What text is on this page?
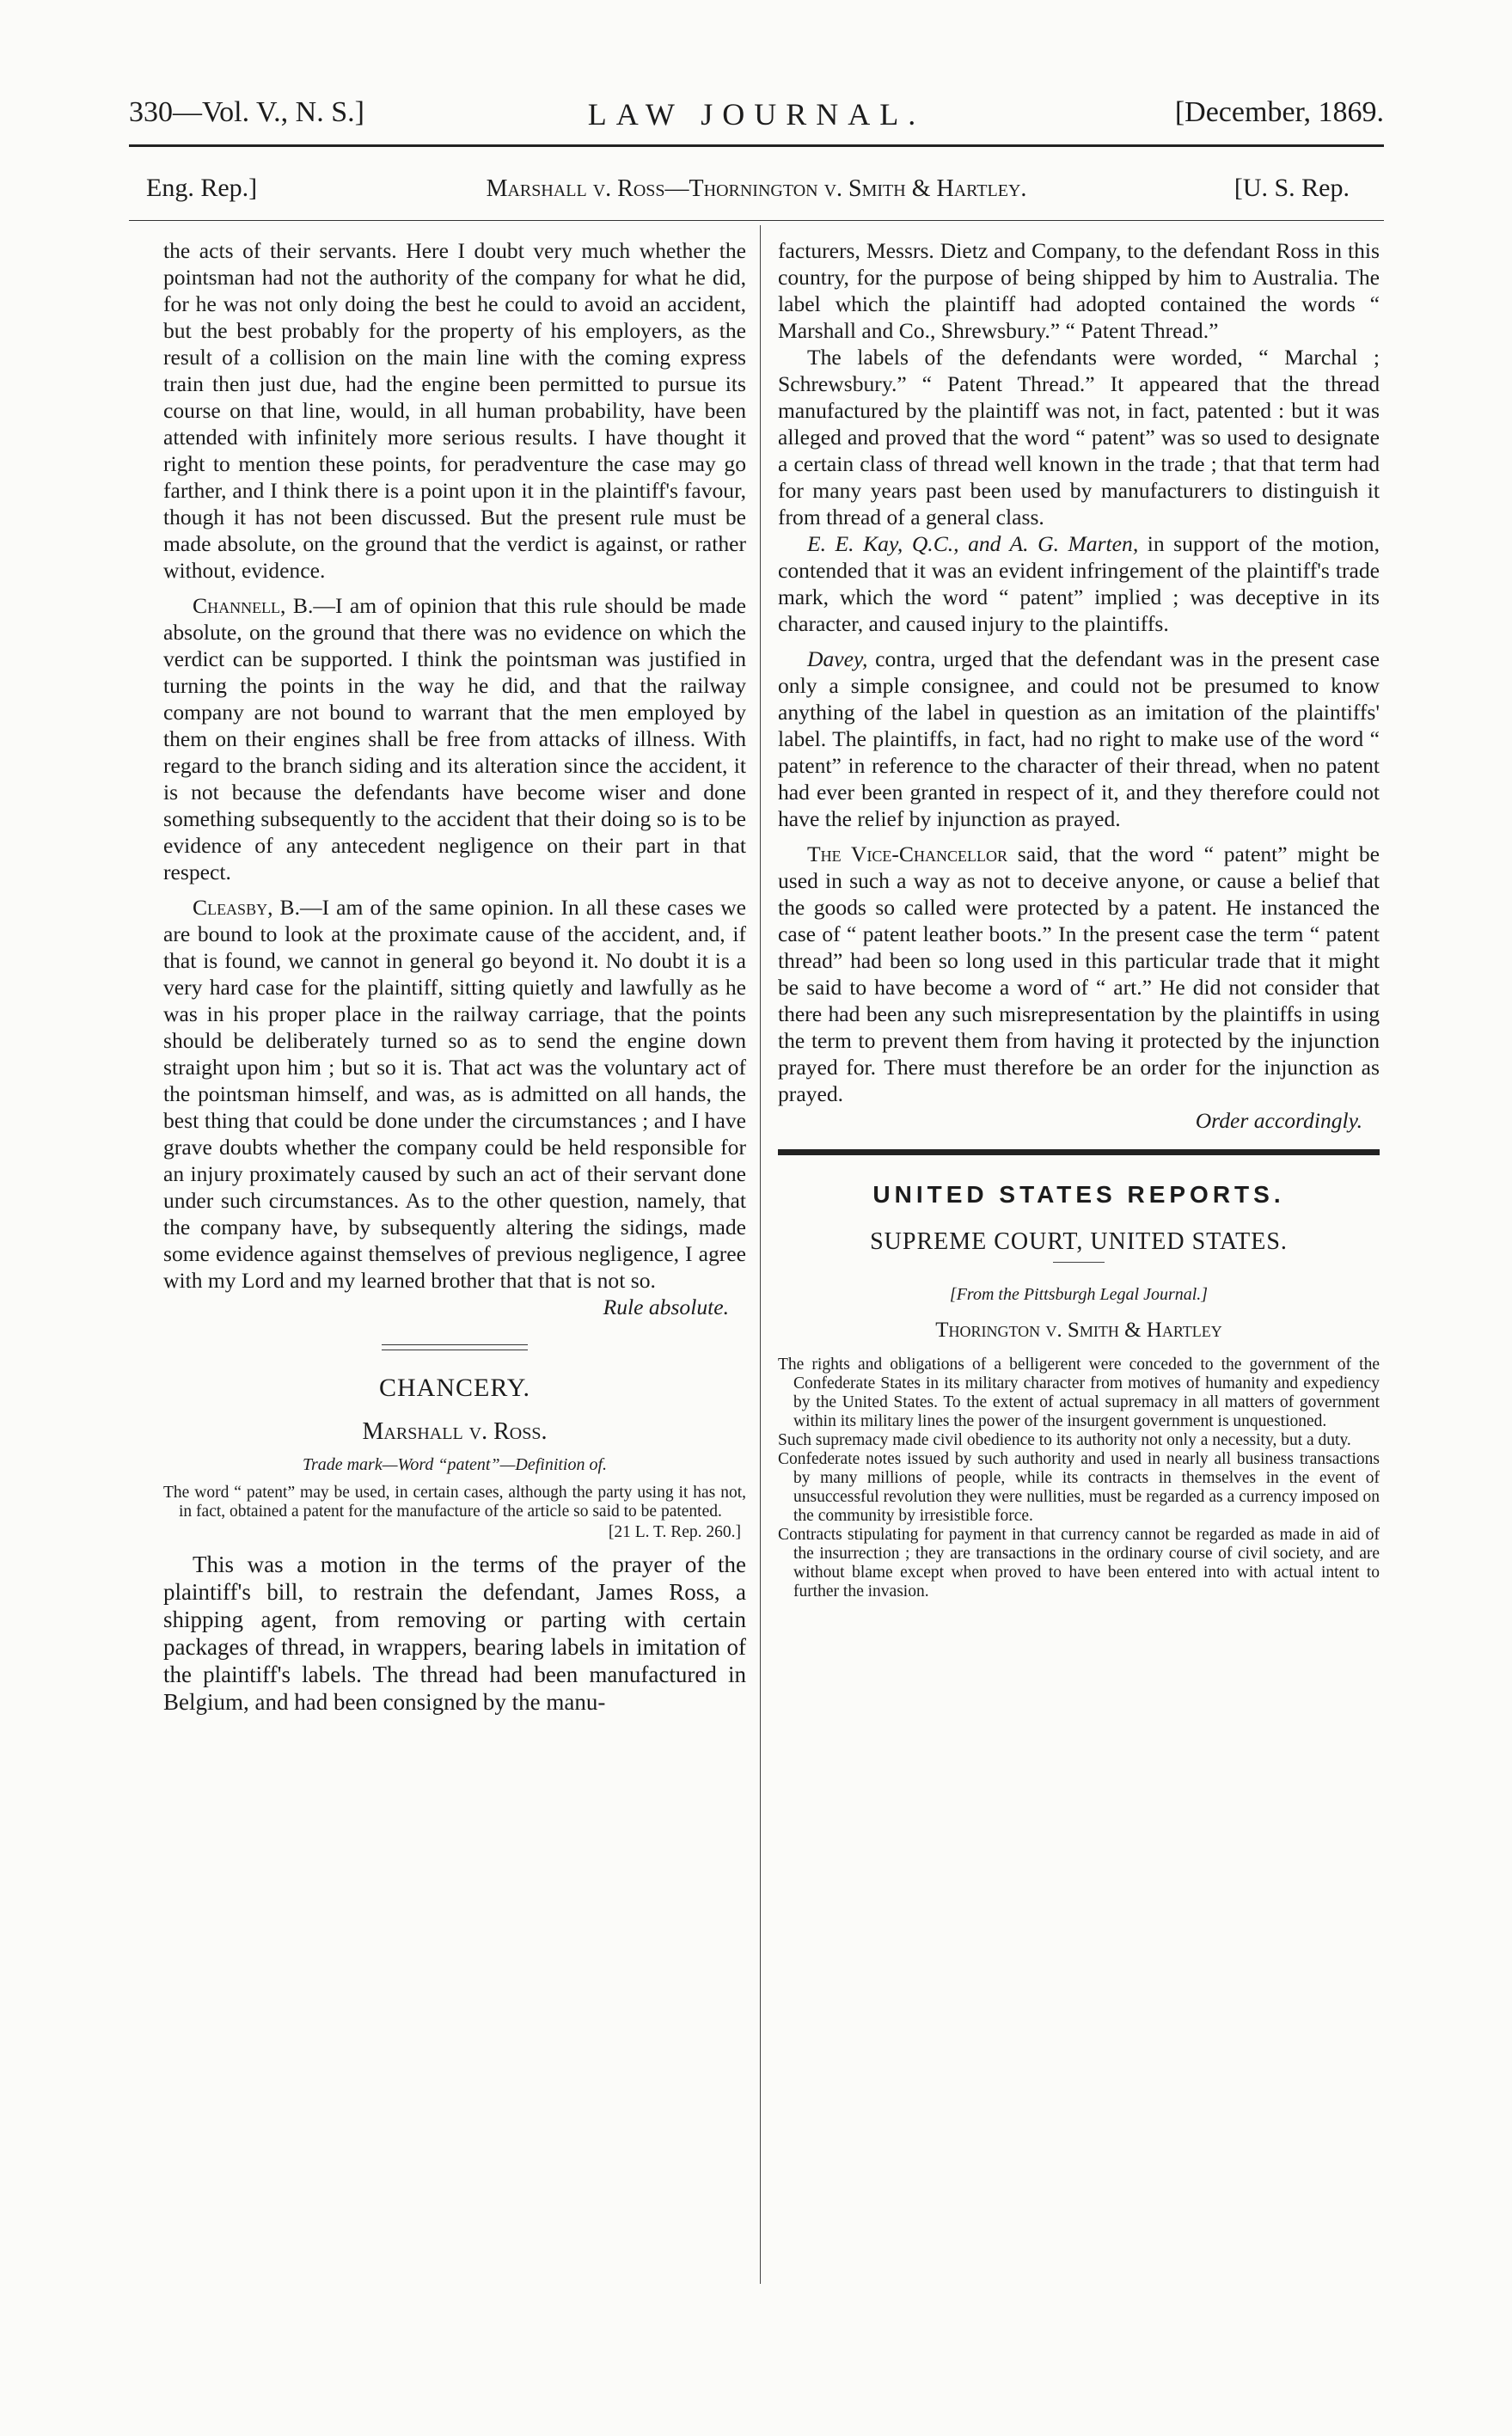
330—Vol. V., N. S.]	LAW JOURNAL.	[December, 1869.
Eng. Rep.]	Marshall v. Ross—Thornington v. Smith & Hartley.	[U. S. Rep.

the acts of their servants. Here I doubt very much whether the pointsman had not the authority of the company for what he did, for he was not only doing the best he could to avoid an accident, but the best probably for the property of his employers, as the result of a collision on the main line with the coming express train then just due, had the engine been permitted to pursue its course on that line, would, in all human probability, have been attended with infinitely more serious results. I have thought it right to mention these points, for peradventure the case may go farther, and I think there is a point upon it in the plaintiff's favour, though it has not been discussed. But the present rule must be made absolute, on the ground that the verdict is against, or rather without, evidence.

Channell, B.—I am of opinion that this rule should be made absolute, on the ground that there was no evidence on which the verdict can be supported. I think the pointsman was justified in turning the points in the way he did, and that the railway company are not bound to warrant that the men employed by them on their engines shall be free from attacks of illness. With regard to the branch siding and its alteration since the accident, it is not because the defendants have become wiser and done something subsequently to the accident that their doing so is to be evidence of any antecedent negligence on their part in that respect.

Cleasby, B.—I am of the same opinion. In all these cases we are bound to look at the proximate cause of the accident, and, if that is found, we cannot in general go beyond it. No doubt it is a very hard case for the plaintiff, sitting quietly and lawfully as he was in his proper place in the railway carriage, that the points should be deliberately turned so as to send the engine down straight upon him ; but so it is. That act was the voluntary act of the pointsman himself, and was, as is admitted on all hands, the best thing that could be done under the circumstances ; and I have grave doubts whether the company could be held responsible for an injury proximately caused by such an act of their servant done under such circumstances. As to the other question, namely, that the company have, by subsequently altering the sidings, made some evidence against themselves of previous negligence, I agree with my Lord and my learned brother that that is not so.

Rule absolute.

CHANCERY.
Marshall v. Ross.
Trade mark—Word “patent”—Definition of.
The word “ patent” may be used, in certain cases, although the party using it has not, in fact, obtained a patent for the manufacture of the article so said to be patented.
[21 L. T. Rep. 260.]

This was a motion in the terms of the prayer of the plaintiff's bill, to restrain the defendant, James Ross, a shipping agent, from removing or parting with certain packages of thread, in wrappers, bearing labels in imitation of the plaintiff's labels. The thread had been manufactured in Belgium, and had been consigned by the manu-

facturers, Messrs. Dietz and Company, to the defendant Ross in this country, for the purpose of being shipped by him to Australia. The label which the plaintiff had adopted contained the words “ Marshall and Co., Shrewsbury.” “ Patent Thread.”

The labels of the defendants were worded, “ Marchal ; Schrewsbury.” “ Patent Thread.” It appeared that the thread manufactured by the plaintiff was not, in fact, patented : but it was alleged and proved that the word “ patent” was so used to designate a certain class of thread well known in the trade ; that that term had for many years past been used by manufacturers to distinguish it from thread of a general class.

E. E. Kay, Q.C., and A. G. Marten, in support of the motion, contended that it was an evident infringement of the plaintiff's trade mark, which the word “ patent” implied ; was deceptive in its character, and caused injury to the plaintiffs.

Davey, contra, urged that the defendant was in the present case only a simple consignee, and could not be presumed to know anything of the label in question as an imitation of the plaintiffs' label. The plaintiffs, in fact, had no right to make use of the word “ patent” in reference to the character of their thread, when no patent had ever been granted in respect of it, and they therefore could not have the relief by injunction as prayed.

The Vice-Chancellor said, that the word “ patent” might be used in such a way as not to deceive anyone, or cause a belief that the goods so called were protected by a patent. He instanced the case of “ patent leather boots.” In the present case the term “ patent thread” had been so long used in this particular trade that it might be said to have become a word of “ art.” He did not consider that there had been any such misrepresentation by the plaintiffs in using the term to prevent them from having it protected by the injunction prayed for. There must therefore be an order for the injunction as prayed.

Order accordingly.

UNITED STATES REPORTS.
SUPREME COURT, UNITED STATES.
[From the Pittsburgh Legal Journal.]
Thorington v. Smith & Hartley
The rights and obligations of a belligerent were conceded to the government of the Confederate States in its military character from motives of humanity and expediency by the United States. To the extent of actual supremacy in all matters of government within its military lines the power of the insurgent government is unquestioned.
Such supremacy made civil obedience to its authority not only a necessity, but a duty.
Confederate notes issued by such authority and used in nearly all business transactions by many millions of people, while its contracts in themselves in the event of unsuccessful revolution they were nullities, must be regarded as a currency imposed on the community by irresistible force.
Contracts stipulating for payment in that currency cannot be regarded as made in aid of the insurrection ; they are transactions in the ordinary course of civil society, and are without blame except when proved to have been entered into with actual intent to further the invasion.
